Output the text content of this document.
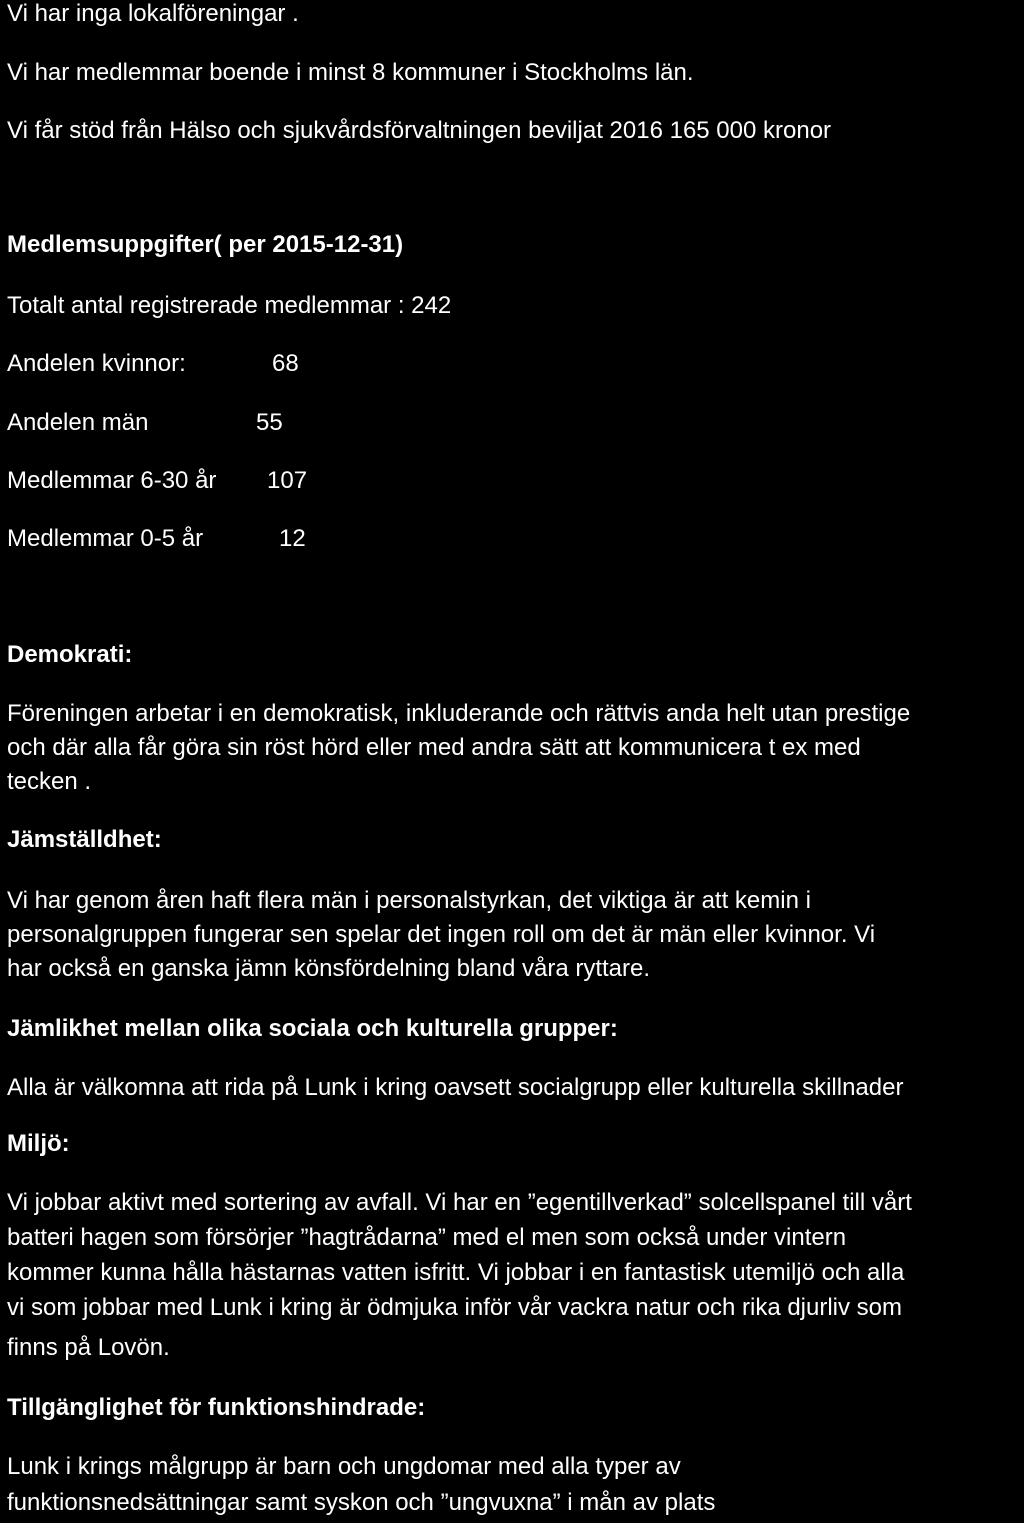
Vi har inga lokalföreningar .

Vi har medlemmar boende i minst 8 kommuner i Stockholms län.

Vi får stöd från Hälso och sjukvårdsförvaltningen beviljat 2016 165 000 kronor

Medlemsuppgifter( per 2015-12-31)

Totalt antal registrerade medlemmar : 242

Andelen kvinnor:	68
Andelen män	55
Medlemmar 6-30 år 107
Medlemmar 0-5 år	12

Demokrati:

Föreningen arbetar i en demokratisk, inkluderande och rättvis anda helt utan prestige

och där alla får göra sin röst hörd eller med andra sätt att kommunicera t ex med

tecken .

Jämställdhet:

Vi har genom åren haft flera män i personalstyrkan, det viktiga är att kemin i

personalgruppen fungerar sen spelar det ingen roll om det är män eller kvinnor. Vi

har också en ganska jämn könsfördelning bland våra ryttare.

Jämlikhet mellan olika sociala och kulturella grupper:

Alla är välkomna att rida på Lunk i kring oavsett socialgrupp eller kulturella skillnader

Miljö:

Vi jobbar aktivt med sortering av avfall. Vi har en ”egentillverkad” solcellspanel till vårt

batteri hagen som försörjer ”hagtrådarna” med el men som också under vintern

kommer kunna hålla hästarnas vatten isfritt. Vi jobbar i en fantastisk utemiljö och alla

vi som jobbar med Lunk i kring är ödmjuka inför vår vackra natur och rika djurliv som

finns på Lovön.

Tillgänglighet för funktionshindrade:

Lunk i krings målgrupp är barn och ungdomar med alla typer av

funktionsnedsättningar samt syskon och ”ungvuxna” i mån av plats
